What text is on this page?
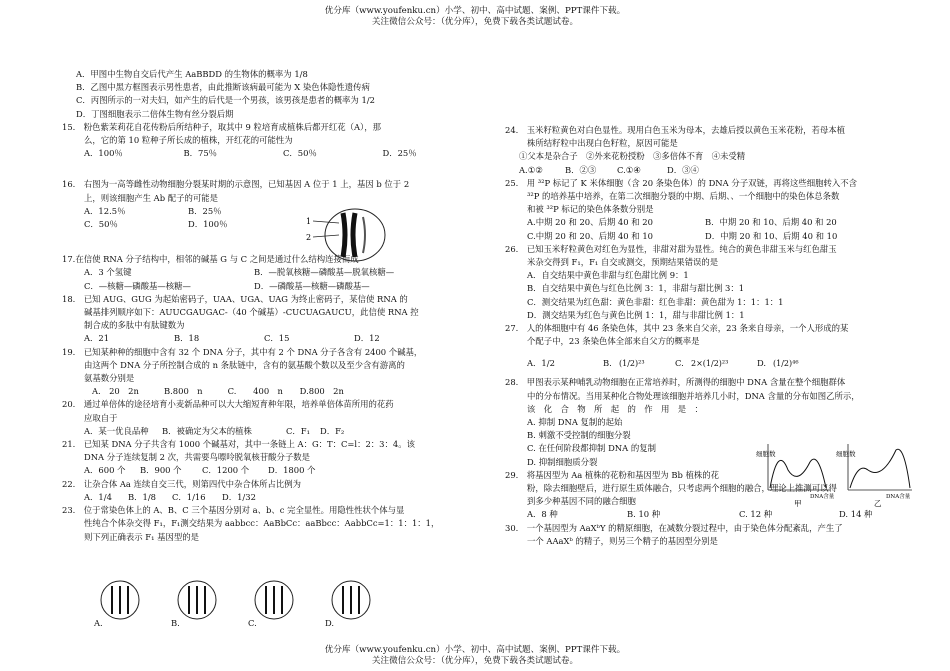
优分库（www.youfenku.cn）小学、初中、高中试题、案例、PPT课件下载。
关注微信公众号：（优分库），免费下载各类试题试卷。

A．甲图中生物自交后代产生 AaBBDD 的生物体的概率为 1/8

B．乙图中黑方框图表示男性患者，由此推断该病最可能为 X 染色体隐性遗传病

C．丙图所示的一对夫妇，如产生的后代是一个男孩，该男孩是患者的概率为 1/2

D．丁图细胞表示二倍体生物有丝分裂后期

15.　粉色紫茉莉花自花传粉后所结种子，取其中 9 粒培育成植株后都开红花（A），那

么，它的第 10 粒种子所长成的植株，开红花的可能性为

A．100％	B．75％	C．50％	D．25％

16.　右图为一高等雌性动物细胞分裂某时期的示意图，已知基因 A 位于 1 上，基因 b 位于 2

上，则该细胞产生 Ab 配子的可能是

A．12.5％	B．25％
C．50％	D．100％

17.在信使 RNA 分子结构中，相邻的碱基 G 与 C 之间是通过什么结构连接而成

A．3 个氢键	B．—脱氧核糖—磷酸基—脱氧核糖—
C．—核糖—磷酸基—核糖—	D．—磷酸基—核糖—磷酸基—

18.　已知 AUG、GUG 为起始密码子，UAA、UGA、UAG 为终止密码子，某信使 RNA 的

碱基排列顺序如下：AUUCGAUGAC-（40 个碱基）-CUCUAGAUCU，此信使 RNA 控

制合成的多肽中有肽键数为

A．21	B．18	C．15	D．12

19.　已知某种种的细胞中含有 32 个 DNA 分子，其中有 2 个 DNA 分子各含有 2400 个碱基，

由这两个 DNA 分子所控制合成的 n 条肽链中，含有的氨基酸个数以及至少含有游离的

氨基数分别是

A.　20　2n　　　B.800　n　　　C.　　400　n　　D.800　2n

20.　通过单倍体的途径培育小麦新品种可以大大缩短育种年限，培养单倍体苗所用的花药

应取自于

A．某一优良品种	B．被确定为父本的植株	C．F₁	D．F₂

21.　已知某 DNA 分子共含有 1000 个碱基对，其中一条链上 A：G：T：C=l：2：3：4。该

DNA 分子连续复制 2 次，共需要鸟嘌呤脱氧核苷酸分子数是

A．600 个	B．900 个	C．1200 个	D．1800 个

22.　让杂合体 Aa 连续自交三代，则第四代中杂合体所占比例为

A．1/4	B．1/8	C．1/16	D．1/32

23.　位于常染色体上的 A、B、C 三个基因分别对 a、b、c 完全显性。用隐性性状个体与显

性纯合个体杂交得 F₁，F₁测交结果为 aabbcc：AaBbCc：aaBbcc：AabbCc=1：1：1：1，

则下列正确表示 F₁ 基因型的是

1
2
A.	B.	C.	D.

24.　玉米籽粒黄色对白色显性。现用白色玉米为母本，去雄后授以黄色玉米花粉，若母本植

株所结籽粒中出现白色籽粒，原因可能是

①父本是杂合子　②外来花粉授粉　③多倍体不育　④未受精

A.①②	B．②③	C.①④	D．③④

25.　用 ³²P 标记了 K 米体细胞（含 20 条染色体）的 DNA 分子双链，再将这些细胞转入不含

³²P 的培养基中培养，在第二次细胞分裂的中期、后期、、一个细胞中的染色体总条数

和被 ³²P 标记的染色体条数分别是

A.中期 20 和 20、后期 40 和 20	B．中期 20 和 10、后期 40 和 20
C.中期 20 和 20、后期 40 和 10	D．中期 20 和 10、后期 40 和 10

26.　已知玉米籽粒黄色对红色为显性，非甜对甜为显性。纯合的黄色非甜玉米与红色甜玉

米杂交得到 F₁，F₁ 自交或测交，预期结果错误的是

A．自交结果中黄色非甜与红色甜比例 9：1

B．自交结果中黄色与红色比例 3：1，非甜与甜比例 3：1

C．测交结果为红色甜：黄色非甜：红色非甜：黄色甜为 1：1：1：1

D．测交结果为红色与黄色比例 1：1，甜与非甜比例 1：1

27.　人的体细胞中有 46 条染色体，其中 23 条来自父亲，23 条来自母亲，一个人形成的某

个配子中，23 条染色体全部来自父方的概率是

A．1/2	B. (1/2)²³	C. 2×(1/2)²³	D. (1/2)⁴⁶

28.　甲图表示某种哺乳动物细胞在正常培养时，所测得的细胞中 DNA 含量在整个细胞群体

中的分布情况。当用某种化合物处理该细胞并培养几小时，DNA 含量的分布如图乙所示，

该　化　合　物　所　起　的　作　用　是　：

A. 抑制 DNA 复制的起始

B. 刺激不受控制的细胞分裂

C. 在任何阶段都抑制 DNA 的复制

D. 抑制细胞质分裂

29.　将基因型为 Aa 植株的花粉和基因型为 Bb 植株的花

粉，除去细胞壁后，进行原生质体融合，只考虑两个细胞的融合，理论上推测可以得

到多少种基因不同的融合细胞

A．8 种	B. 10 种	C. 12 种	D. 14 种

30.　一个基因型为 AaXᵇY 的精原细胞，在减数分裂过程中，由于染色体分配紊乱，产生了

一个 AAaXᵇ 的精子，则另三个精子的基因型分别是

细胞数
DNA含量
甲
细胞数
DNA含量
乙
优分库（www.youfenku.cn）小学、初中、高中试题、案例、PPT课件下载。
关注微信公众号：（优分库），免费下载各类试题试卷。
